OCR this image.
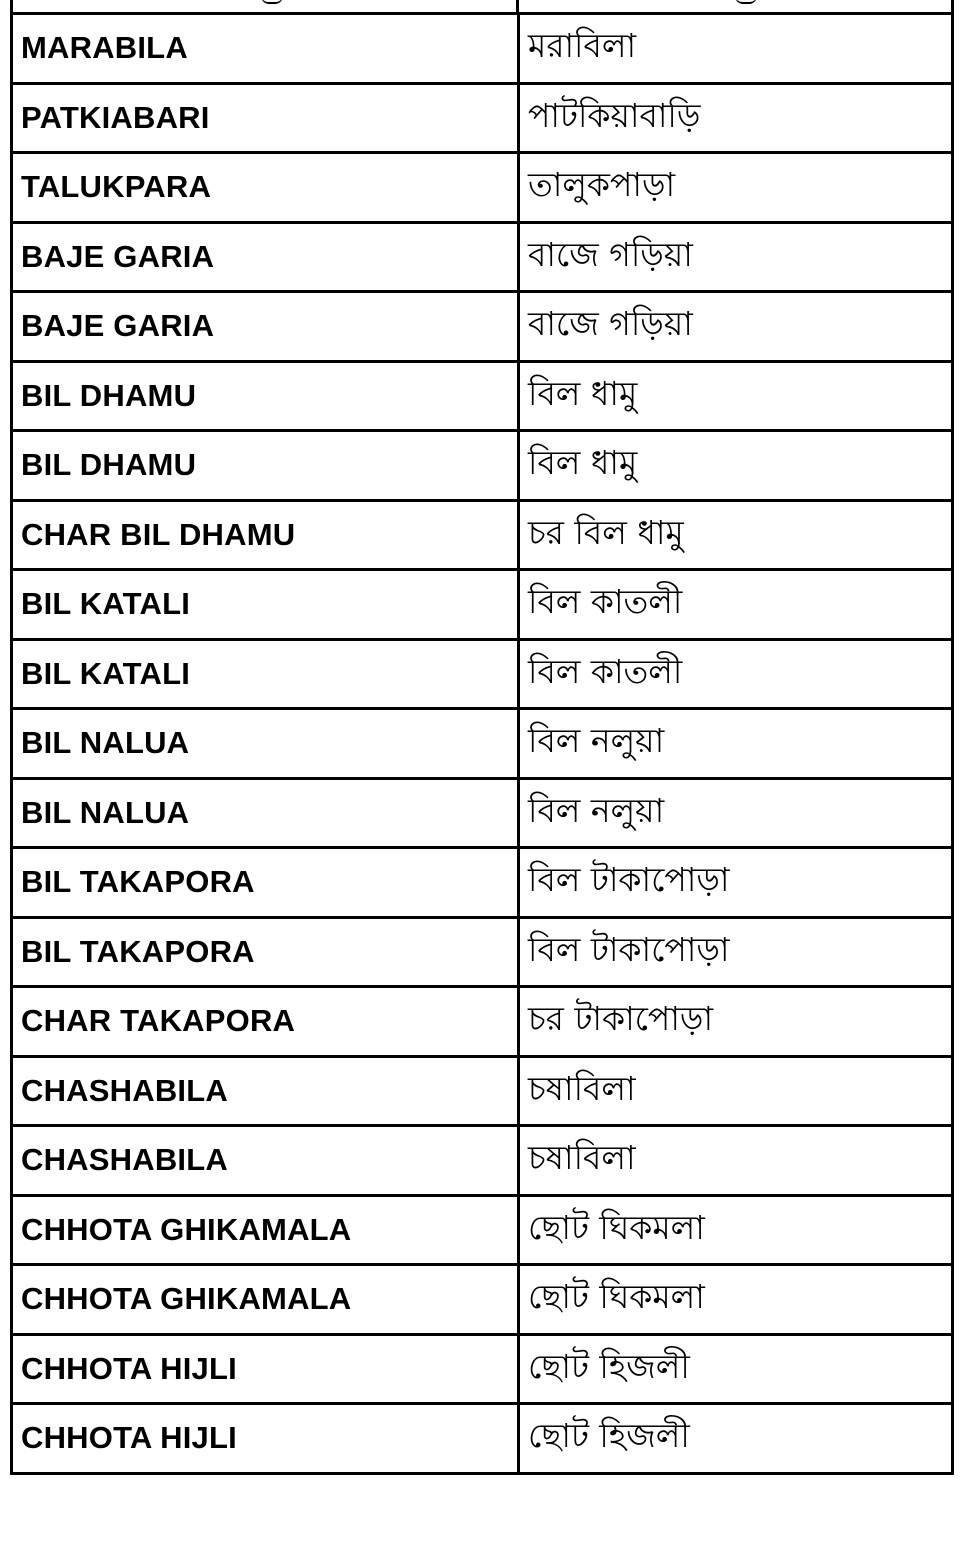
MARABILA	মরাবিলা
PATKIABARI	পাটকিয়াবাড়ি
TALUKPARA	তালুকপাড়া
BAJE GARIA	বাজে গড়িয়া
BAJE GARIA	বাজে গড়িয়া
BIL DHAMU	বিল ধামু
BIL DHAMU	বিল ধামু
CHAR BIL DHAMU	চর বিল ধামু
BIL KATALI	বিল কাতলী
BIL KATALI	বিল কাতলী
BIL NALUA	বিল নলুয়া
BIL NALUA	বিল নলুয়া
BIL TAKAPORA	বিল টাকাপোড়া
BIL TAKAPORA	বিল টাকাপোড়া
CHAR TAKAPORA	চর টাকাপোড়া
CHASHABILA	চষাবিলা
CHASHABILA	চষাবিলা
CHHOTA GHIKAMALA	ছোট ঘিকমলা
CHHOTA GHIKAMALA	ছোট ঘিকমলা
CHHOTA HIJLI	ছোট হিজলী
CHHOTA HIJLI	ছোট হিজলী
